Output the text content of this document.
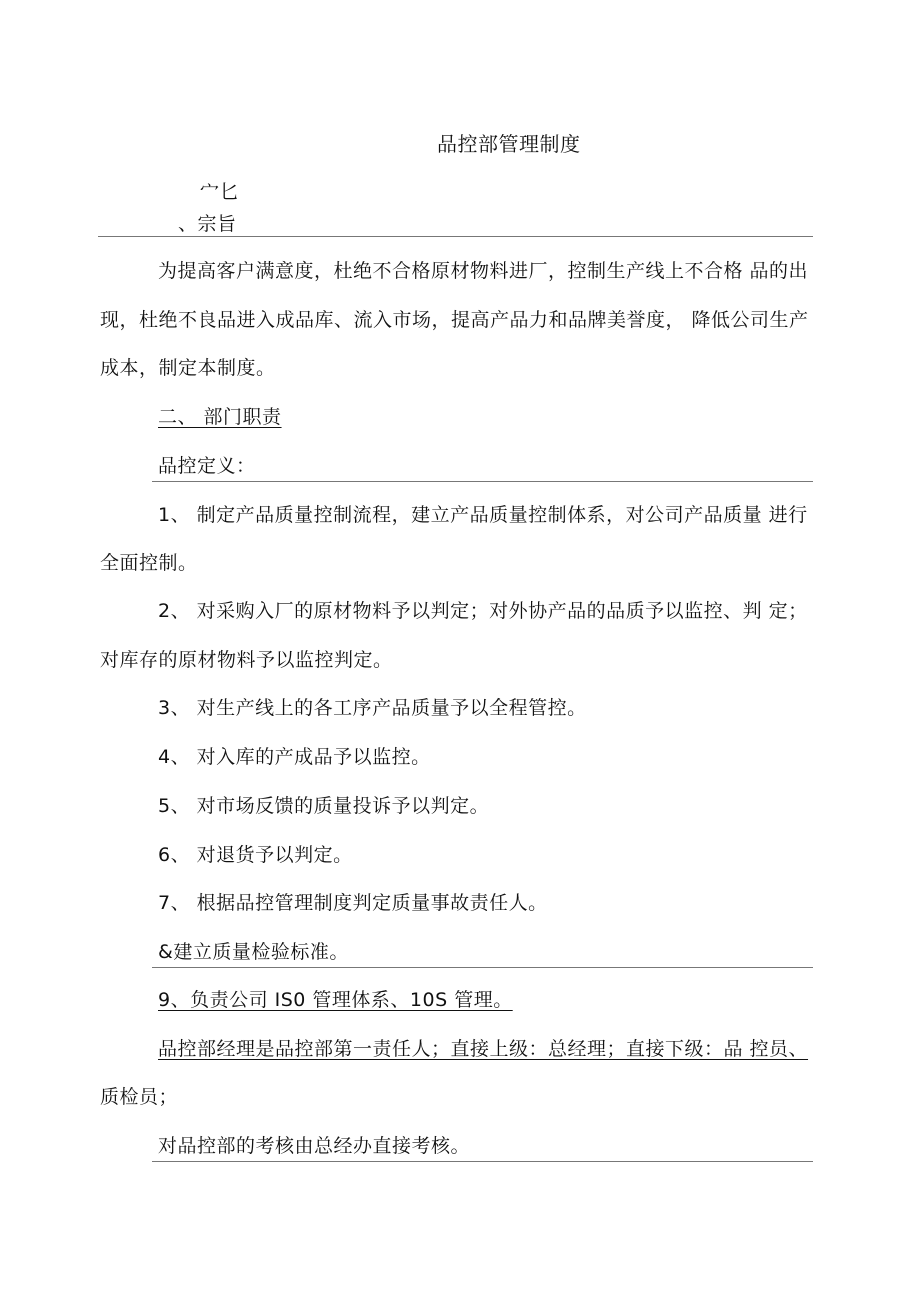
品控部管理制度
宀匕
、宗旨
为提高客户满意度，杜绝不合格原材物料进厂，控制生产线上不合格 品的出
现，杜绝不良品进入成品库、流入市场，提高产品力和品牌美誉度， 降低公司生产
成本，制定本制度。
二、 部门职责
品控定义：
1、 制定产品质量控制流程，建立产品质量控制体系，对公司产品质量 进行
全面控制。
2、 对采购入厂的原材物料予以判定；对外协产品的品质予以监控、判 定；
对库存的原材物料予以监控判定。
3、 对生产线上的各工序产品质量予以全程管控。
4、 对入库的产成品予以监控。
5、 对市场反馈的质量投诉予以判定。
6、 对退货予以判定。
7、 根据品控管理制度判定质量事故责任人。
&建立质量检验标准。
9、负责公司 IS0 管理体系、10S 管理。
品控部经理是品控部第一责任人；直接上级：总经理；直接下级：品 控员、
质检员；
对品控部的考核由总经办直接考核。
